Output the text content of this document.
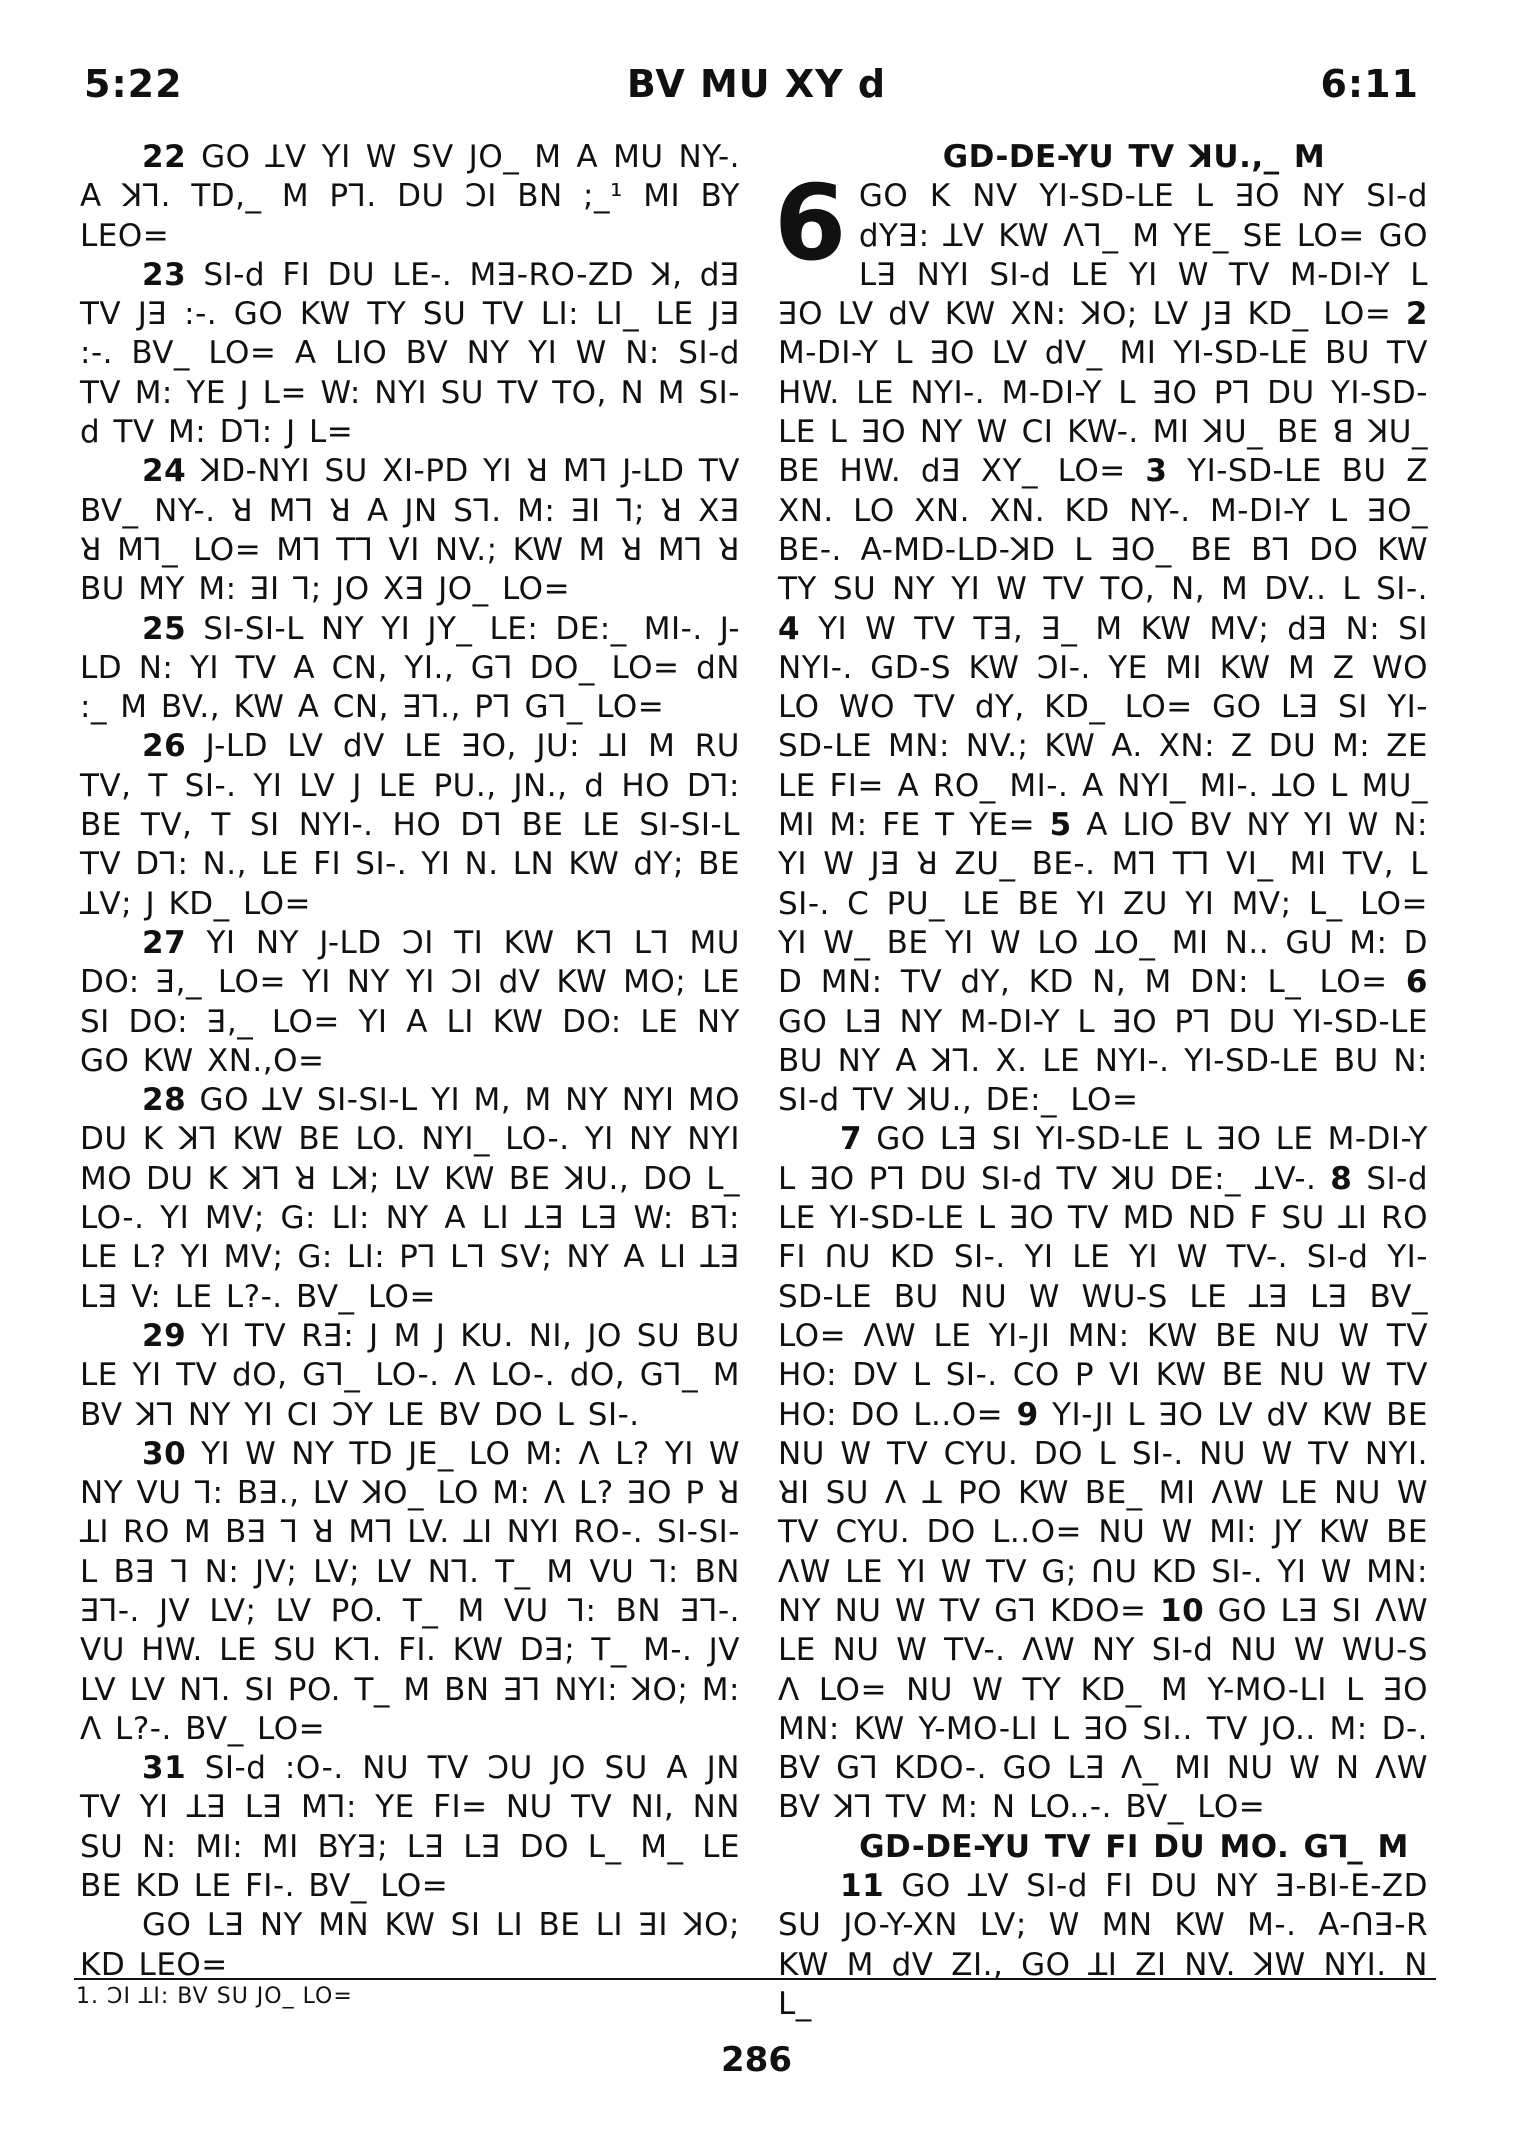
5:22	BV MU XY d	6:11

22 GO ꓕV YI W SV JO_ M A MU NY-. A ꓘꓶ. TD,_ M Pꓶ. DU ꓛI BN ;_¹ MI BY LEO=

23 SI-d FI DU LE-. Mꓱ-RO-ZD ꓘ, dꓱ TV Jꓱ :-. GO KW TY SU TV LI: LI_ LE Jꓱ :-. BV_ LO= A LIO BV NY YI W N: SI-d TV M: YE J L= W: NYI SU TV TO, N M SI-d TV M: Dꓶ: J L=

24 ꓘD-NYI SU XI-PD YI ꓤ Mꓶ J-LD TV BV_ NY-. ꓤ Mꓶ ꓤ A JN Sꓶ. M: ꓱI ꓶ; ꓤ Xꓱ ꓤ Mꓶ_ LO= Mꓶ Tꓶ VI NV.; KW M ꓤ Mꓶ ꓤ BU MY M: ꓱI ꓶ; JO Xꓱ JO_ LO=

25 SI-SI-L NY YI JY_ LE: DE:_ MI-. J-LD N: YI TV A CN, YI., Gꓶ DO_ LO= dN :_ M BV., KW A CN, ꓱꓶ., Pꓶ Gꓶ_ LO=

26 J-LD LV dV LE ꓱO, JU: ꓕI M RU TV, T SI-. YI LV J LE PU., JN., d HO Dꓶ: BE TV, T SI NYI-. HO Dꓶ BE LE SI-SI-L TV Dꓶ: N., LE FI SI-. YI N. LN KW dY; BE ꓕV; J KD_ LO=

27 YI NY J-LD ꓛI TI KW Kꓶ Lꓶ MU DO: ꓱ,_ LO= YI NY YI ꓛI dV KW MO; LE SI DO: ꓱ,_ LO= YI A LI KW DO: LE NY GO KW XN.,O=

28 GO ꓕV SI-SI-L YI M, M NY NYI MO DU K ꓘꓶ KW BE LO. NYI_ LO-. YI NY NYI MO DU K ꓘꓶ ꓤ Lꓘ; LV KW BE ꓘU., DO L_ LO-. YI MV; G: LI: NY A LI ꓕꓱ Lꓱ W: Bꓶ: LE L? YI MV; G: LI: Pꓶ Lꓶ SV; NY A LI ꓕꓱ Lꓱ V: LE L?-. BV_ LO=

29 YI TV Rꓱ: J M J KU. NI, JO SU BU LE YI TV dO, Gꓶ_ LO-. Λ LO-. dO, Gꓶ_ M BV ꓘꓶ NY YI CI ꓛY LE BV DO L SI-.

30 YI W NY TD JE_ LO M: Λ L? YI W NY VU ꓶ: Bꓱ., LV ꓘO_ LO M: Λ L? ꓱO P ꓤ ꓕI RO M Bꓱ ꓶ ꓤ Mꓶ LV. ꓕI NYI RO-. SI-SI-L Bꓱ ꓶ N: JV; LV; LV Nꓶ. T_ M VU ꓶ: BN ꓱꓶ-. JV LV; LV PO. T_ M VU ꓶ: BN ꓱꓶ-. VU HW. LE SU Kꓶ. FI. KW Dꓱ; T_ M-. JV LV LV Nꓶ. SI PO. T_ M BN ꓱꓶ NYI: ꓘO; M: Λ L?-. BV_ LO=

31 SI-d :O-. NU TV ꓛU JO SU A JN TV YI ꓕꓱ Lꓱ Mꓶ: YE FI= NU TV NI, NN SU N: MI: MI BYꓱ; Lꓱ Lꓱ DO L_ M_ LE BE KD LE FI-. BV_ LO=

GO Lꓱ NY MN KW SI LI BE LI ꓱI ꓘO; KD LEO=

GD-DE-YU TV ꓘU.,_ M

6 GO K NV YI-SD-LE L ꓱO NY SI-d dYꓱ: ꓕV KW Λꓶ_ M YE_ SE LO= GO Lꓱ NYI SI-d LE YI W TV M-DI-Y L ꓱO LV dV KW XN: ꓘO; LV Jꓱ KD_ LO= 2 M-DI-Y L ꓱO LV dV_ MI YI-SD-LE BU TV HW. LE NYI-. M-DI-Y L ꓱO Pꓶ DU YI-SD-LE L ꓱO NY W CI KW-. MI ꓘU_ BE ꓭ ꓘU_ BE HW. dꓱ XY_ LO= 3 YI-SD-LE BU Z XN. LO XN. XN. KD NY-. M-DI-Y L ꓱO_ BE-. A-MD-LD-ꓘD L ꓱO_ BE Bꓶ DO KW TY SU NY YI W TV TO, N, M DV.. L SI-. 4 YI W TV Tꓱ, ꓱ_ M KW MV; dꓱ N: SI NYI-. GD-S KW ꓛI-. YE MI KW M Z WO LO WO TV dY, KD_ LO= GO Lꓱ SI YI-SD-LE MN: NV.; KW A. XN: Z DU M: ZE LE FI= A RO_ MI-. A NYI_ MI-. ꓕO L MU_ MI M: FE T YE= 5 A LIO BV NY YI W N: YI W Jꓱ ꓤ ZU_ BE-. Mꓶ Tꓶ VI_ MI TV, L SI-. C PU_ LE BE YI ZU YI MV; L_ LO= YI W_ BE YI W LO ꓕO_ MI N.. GU M: D D MN: TV dY, KD N, M DN: L_ LO= 6 GO Lꓱ NY M-DI-Y L ꓱO Pꓶ DU YI-SD-LE BU NY A ꓘꓶ. X. LE NYI-. YI-SD-LE BU N: SI-d TV ꓘU., DE:_ LO=

7 GO Lꓱ SI YI-SD-LE L ꓱO LE M-DI-Y L ꓱO Pꓶ DU SI-d TV ꓘU DE:_ ꓕV-. 8 SI-d LE YI-SD-LE L ꓱO TV MD ND F SU ꓕI RO FI ꓵU KD SI-. YI LE YI W TV-. SI-d YI-SD-LE BU NU W WU-S LE ꓕꓱ Lꓱ BV_ LO= ΛW LE YI-JI MN: KW BE NU W TV HO: DV L SI-. CO P VI KW BE NU W TV HO: DO L..O= 9 YI-JI L ꓱO LV dV KW BE NU W TV CYU. DO L SI-. NU W TV NYI. ꓤI SU Λ ꓕ PO KW BE_ MI ΛW LE NU W TV CYU. DO L..O= NU W MI: JY KW BE ΛW LE YI W TV G; ꓵU KD SI-. YI W MN: NY NU W TV Gꓶ KDO= 10 GO Lꓱ SI ΛW LE NU W TV-. ΛW NY SI-d NU W WU-S Λ LO= NU W TY KD_ M Y-MO-LI L ꓱO MN: KW Y-MO-LI L ꓱO SI.. TV JO.. M: D-. BV Gꓶ KDO-. GO Lꓱ Λ_ MI NU W N ΛW BV ꓘꓶ TV M: N LO..-. BV_ LO=

GD-DE-YU TV FI DU MO. Gꓶ_ M

11 GO ꓕV SI-d FI DU NY ꓱ-BI-E-ZD SU JO-Y-XN LV; W MN KW M-. A-ꓵꓱ-R KW M dV ZI., GO ꓕI ZI NV. ꓘW NYI. N L_

1. ꓛI ꓕI: BV SU JO_ LO=
286
